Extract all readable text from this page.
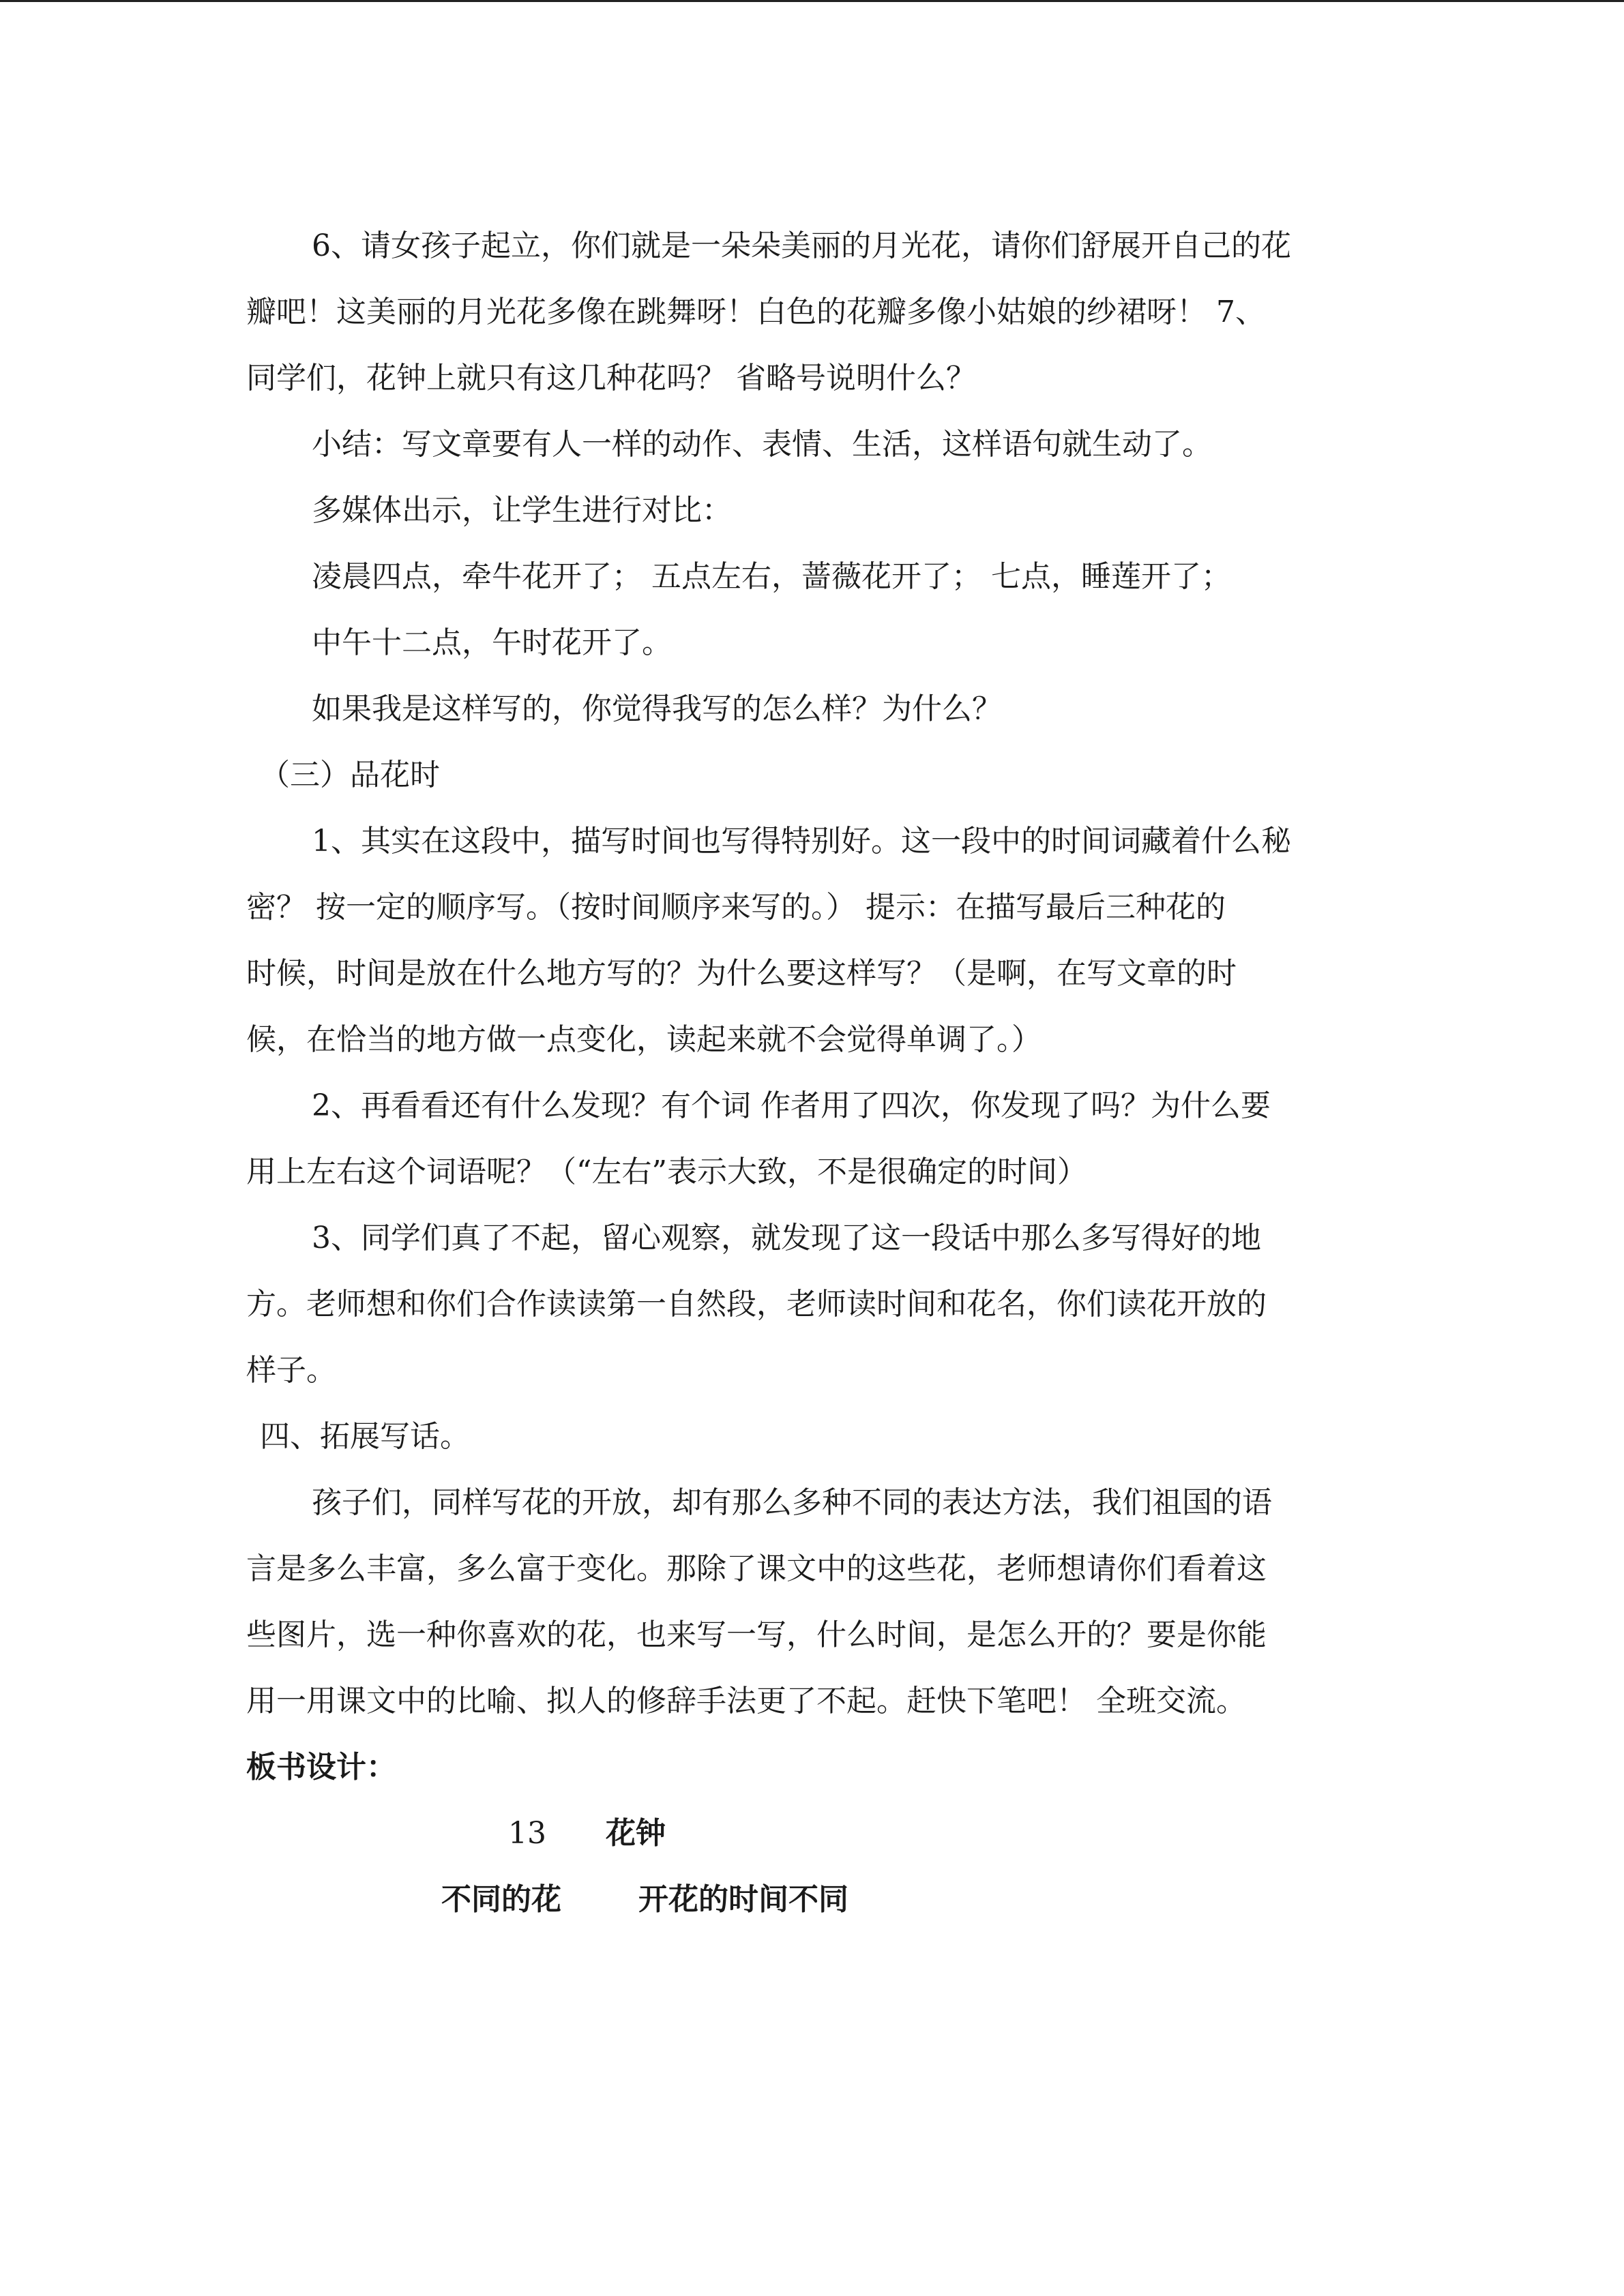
6、请女孩子起立，你们就是一朵朵美丽的月光花，请你们舒展开自己的花

瓣吧！这美丽的月光花多像在跳舞呀！白色的花瓣多像小姑娘的纱裙呀！ 7、

同学们，花钟上就只有这几种花吗？ 省略号说明什么？

小结：写文章要有人一样的动作、表情、生活，这样语句就生动了。

多媒体出示，让学生进行对比：

凌晨四点，牵牛花开了； 五点左右，蔷薇花开了； 七点，睡莲开了；

中午十二点，午时花开了。

如果我是这样写的，你觉得我写的怎么样？为什么？

（三）品花时

1、其实在这段中，描写时间也写得特别好。这一段中的时间词藏着什么秘

密？ 按一定的顺序写。（按时间顺序来写的。） 提示：在描写最后三种花的

时候，时间是放在什么地方写的？为什么要这样写？（是啊，在写文章的时

候，在恰当的地方做一点变化，读起来就不会觉得单调了。）

2、再看看还有什么发现？有个词 作者用了四次，你发现了吗？为什么要

用上左右这个词语呢？（“左右”表示大致，不是很确定的时间）

3、同学们真了不起，留心观察，就发现了这一段话中那么多写得好的地

方。老师想和你们合作读读第一自然段，老师读时间和花名，你们读花开放的

样子。

四、拓展写话。

孩子们，同样写花的开放，却有那么多种不同的表达方法，我们祖国的语

言是多么丰富，多么富于变化。那除了课文中的这些花，老师想请你们看着这

些图片，选一种你喜欢的花，也来写一写，什么时间，是怎么开的？要是你能

用一用课文中的比喻、拟人的修辞手法更了不起。赶快下笔吧！ 全班交流。

板书设计：

13 花钟
不同的花	开花的时间不同
